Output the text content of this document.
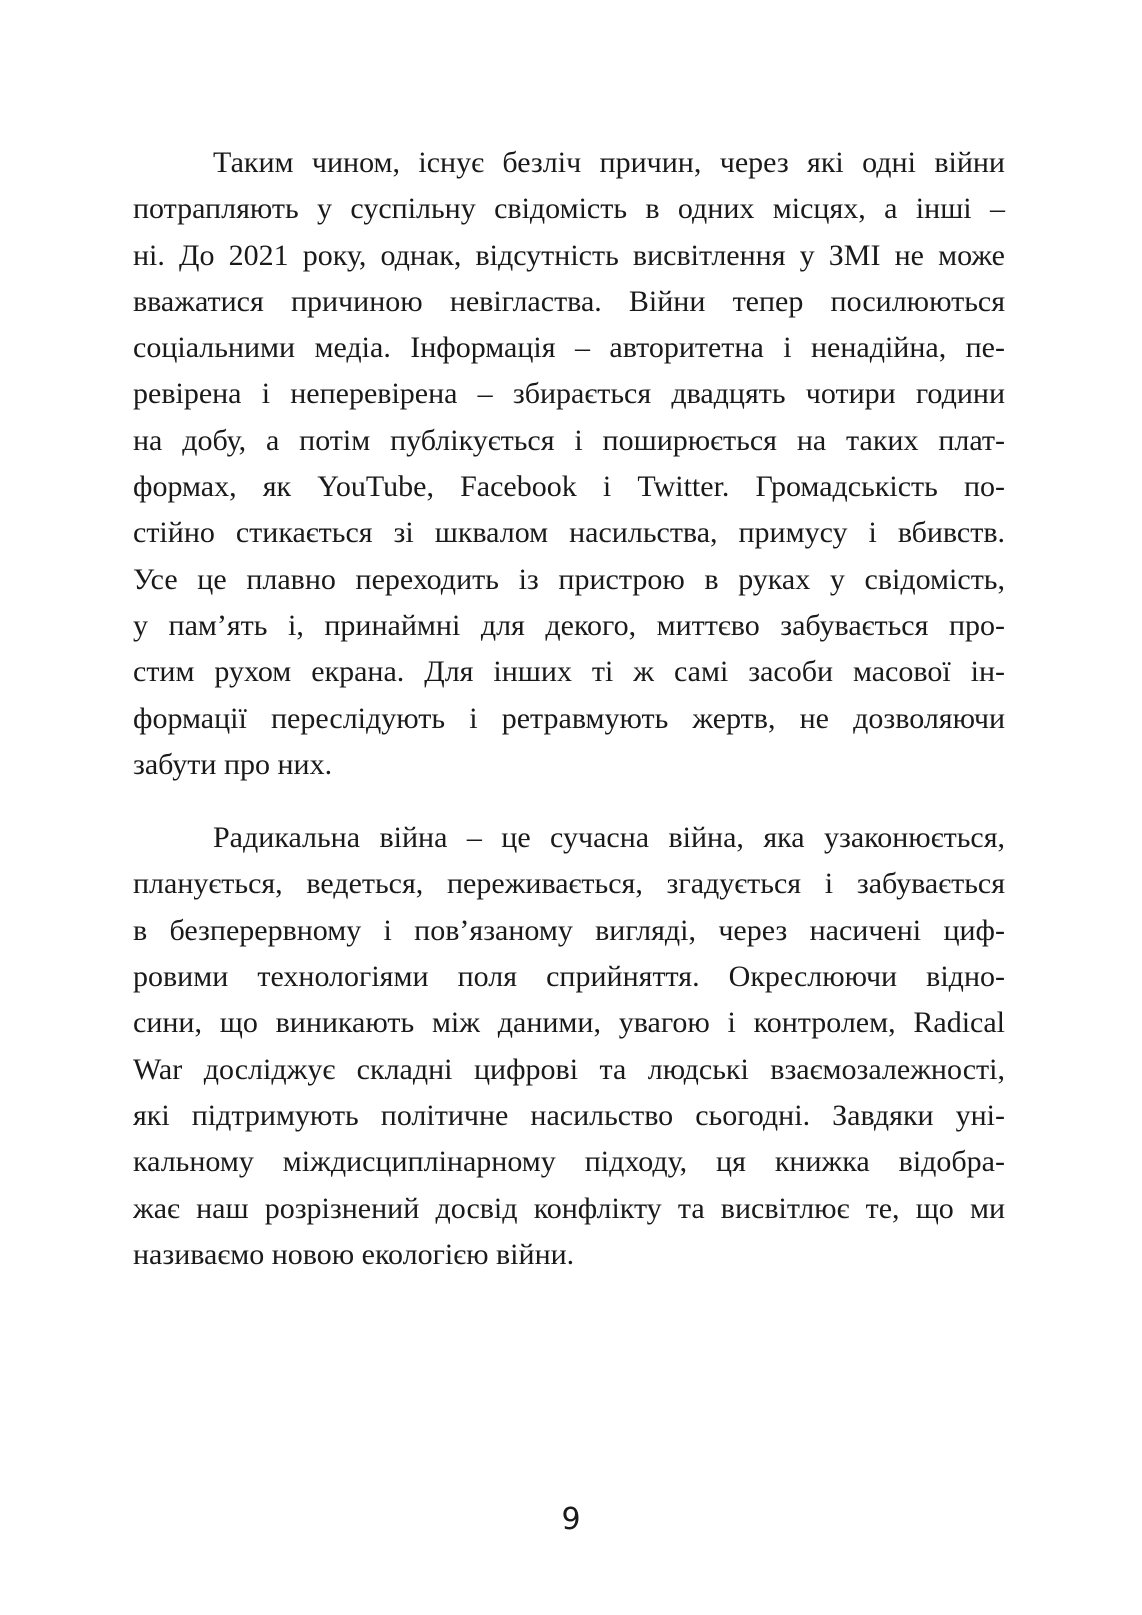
Таким чином, існує безліч причин, через які одні війни
потрапляють у суспільну свідомість в одних місцях, а інші –
ні. До 2021 року, однак, відсутність висвітлення у ЗМІ не може
вважатися причиною невігластва. Війни тепер посилюються
соціальними медіа. Інформація – авторитетна і ненадійна, пе-
ревірена і неперевірена – збирається двадцять чотири години
на добу, а потім публікується і поширюється на таких плат-
формах, як YouTube, Facebook і Twitter. Громадськість по-
стійно стикається зі шквалом насильства, примусу і вбивств.
Усе це плавно переходить із пристрою в руках у свідомість,
у пам’ять і, принаймні для декого, миттєво забувається про-
стим рухом екрана. Для інших ті ж самі засоби масової ін-
формації переслідують і ретравмують жертв, не дозволяючи
забути про них.
Радикальна війна – це сучасна війна, яка узаконюється,
планується, ведеться, переживається, згадується і забувається
в безперервному і пов’язаному вигляді, через насичені циф-
ровими технологіями поля сприйняття. Окреслюючи відно-
сини, що виникають між даними, увагою і контролем, Radical
War досліджує складні цифрові та людські взаємозалежності,
які підтримують політичне насильство сьогодні. Завдяки уні-
кальному міждисциплінарному підходу, ця книжка відобра-
жає наш розрізнений досвід конфлікту та висвітлює те, що ми
називаємо новою екологією війни.
9
